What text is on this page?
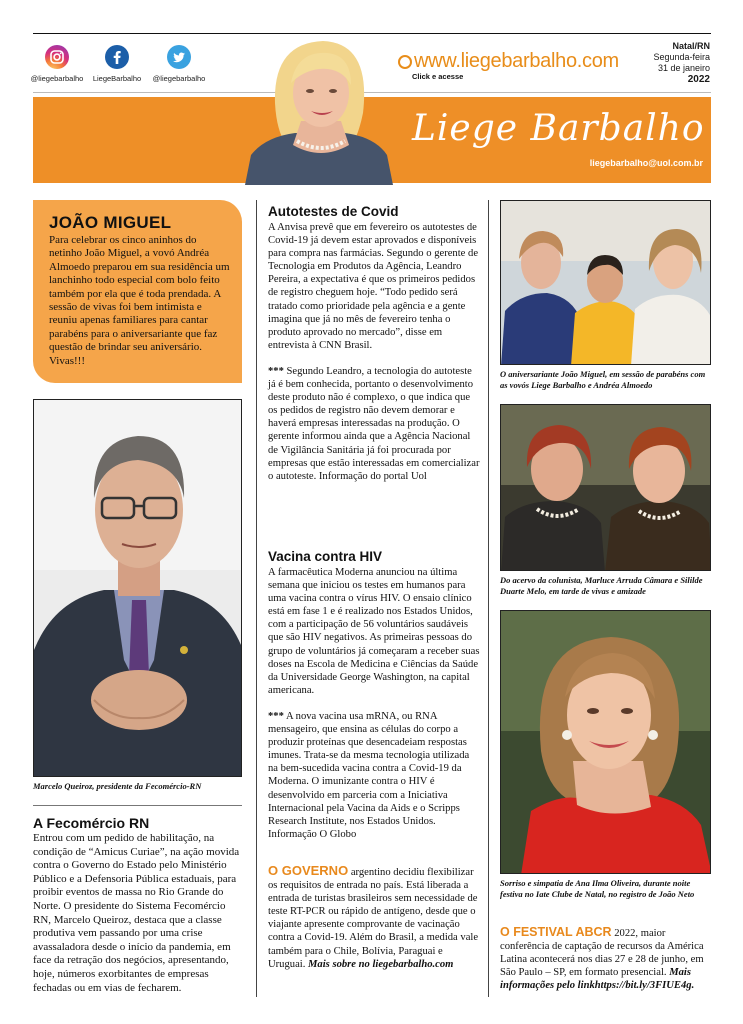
@liegebarbalho	LiegeBarbalho	@liegebarbalho
www.liegebarbalho.com
Click e acesse
Natal/RN
Segunda-feira
31 de janeiro
2022
Liege Barbalho
liegebarbalho@uol.com.br
JOÃO MIGUEL
Para celebrar os cinco aninhos do netinho João Miguel, a vovó Andréa Almoedo preparou em sua residência um lanchinho todo especial com bolo feito também por ela que é toda prendada. A sessão de vivas foi bem intimista e reuniu apenas familiares para cantar parabéns para o aniversariante que faz questão de brindar seu aniversário. Vivas!!!
Marcelo Queiroz, presidente da Fecomércio-RN
A Fecomércio RN
Entrou com um pedido de habilitação, na condição de “Amicus Curiae”, na ação movida contra o Governo do Estado pelo Ministério Público e a Defensoria Pública estaduais, para proibir eventos de massa no Rio Grande do Norte. O presidente do Sistema Fecomércio RN, Marcelo Queiroz, destaca que a classe produtiva vem passando por uma crise avassaladora desde o início da pandemia, em face da retração dos negócios, apresentando, hoje, números exorbitantes de empresas fechadas ou em vias de fecharem.
Autotestes de Covid
A Anvisa prevê que em fevereiro os autotestes de Covid-19 já devem estar aprovados e disponíveis para compra nas farmácias. Segundo o gerente de Tecnologia em Produtos da Agência, Leandro Pereira, a expectativa é que os primeiros pedidos de registro cheguem hoje. “Todo pedido será tratado como prioridade pela agência e a gente imagina que já no mês de fevereiro tenha o produto aprovado no mercado”, disse em entrevista à CNN Brasil.
*** Segundo Leandro, a tecnologia do autoteste já é bem conhecida, portanto o desenvolvimento deste produto não é complexo, o que indica que os pedidos de registro não devem demorar e haverá empresas interessadas na produção. O gerente informou ainda que a Agência Nacional de Vigilância Sanitária já foi procurada por empresas que estão interessadas em comercializar o autoteste. Informação do portal Uol
Vacina contra HIV
A farmacêutica Moderna anunciou na última semana que iniciou os testes em humanos para uma vacina contra o vírus HIV. O ensaio clínico está em fase 1 e é realizado nos Estados Unidos, com a participação de 56 voluntários saudáveis que são HIV negativos. As primeiras pessoas do grupo de voluntários já começaram a receber suas doses na Escola de Medicina e Ciências da Saúde da Universidade George Washington, na capital americana.
*** A nova vacina usa mRNA, ou RNA mensageiro, que ensina as células do corpo a produzir proteínas que desencadeiam respostas imunes. Trata-se da mesma tecnologia utilizada na bem-sucedida vacina contra a Covid-19 da Moderna. O imunizante contra o HIV é desenvolvido em parceria com a Iniciativa Internacional pela Vacina da Aids e o Scripps Research Institute, nos Estados Unidos. Informação O Globo
O GOVERNO argentino decidiu flexibilizar os requisitos de entrada no país. Está liberada a entrada de turistas brasileiros sem necessidade de teste RT-PCR ou rápido de antígeno, desde que o viajante apresente comprovante de vacinação contra a Covid-19. Além do Brasil, a medida vale também para o Chile, Bolívia, Paraguai e Uruguai. Mais sobre no liegebarbalho.com
O aniversariante João Miguel, em sessão de parabéns com as vovós Liege Barbalho e Andréa Almoedo
Do acervo da colunista, Marluce Arruda Câmara e Sililde Duarte Melo, em tarde de vivas e amizade
Sorriso e simpatia de Ana Ilma Oliveira, durante noite festiva no Iate Clube de Natal, no registro de João Neto
O FESTIVAL ABCR 2022, maior conferência de captação de recursos da América Latina acontecerá nos dias 27 e 28 de junho, em São Paulo – SP, em formato presencial. Mais informações pelo linkhttps://bit.ly/3FIUE4g.
